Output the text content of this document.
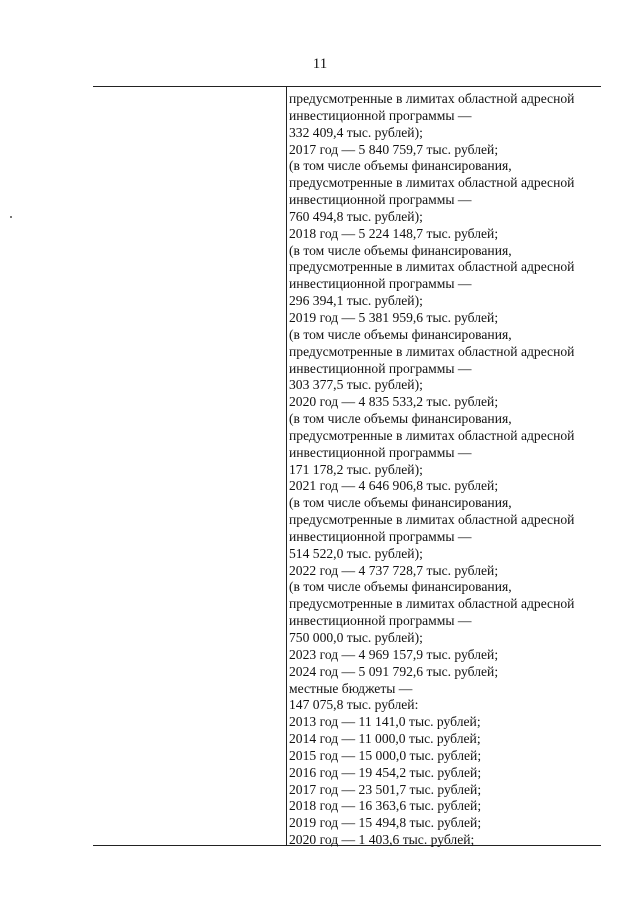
11
предусмотренные в лимитах областной адресной
инвестиционной программы —
332 409,4 тыс. рублей);
2017 год — 5 840 759,7 тыс. рублей;
(в том числе объемы финансирования,
предусмотренные в лимитах областной адресной
инвестиционной программы —
760 494,8 тыс. рублей);
2018 год — 5 224 148,7 тыс. рублей;
(в том числе объемы финансирования,
предусмотренные в лимитах областной адресной
инвестиционной программы —
296 394,1 тыс. рублей);
2019 год — 5 381 959,6 тыс. рублей;
(в том числе объемы финансирования,
предусмотренные в лимитах областной адресной
инвестиционной программы —
303 377,5 тыс. рублей);
2020 год — 4 835 533,2 тыс. рублей;
(в том числе объемы финансирования,
предусмотренные в лимитах областной адресной
инвестиционной программы —
171 178,2 тыс. рублей);
2021 год — 4 646 906,8 тыс. рублей;
(в том числе объемы финансирования,
предусмотренные в лимитах областной адресной
инвестиционной программы —
514 522,0 тыс. рублей);
2022 год — 4 737 728,7 тыс. рублей;
(в том числе объемы финансирования,
предусмотренные в лимитах областной адресной
инвестиционной программы —
750 000,0 тыс. рублей);
2023 год — 4 969 157,9 тыс. рублей;
2024 год — 5 091 792,6 тыс. рублей;
местные бюджеты —
147 075,8 тыс. рублей:
2013 год — 11 141,0 тыс. рублей;
2014 год — 11 000,0 тыс. рублей;
2015 год — 15 000,0 тыс. рублей;
2016 год — 19 454,2 тыс. рублей;
2017 год — 23 501,7 тыс. рублей;
2018 год — 16 363,6 тыс. рублей;
2019 год — 15 494,8 тыс. рублей;
2020 год — 1 403,6 тыс. рублей;
